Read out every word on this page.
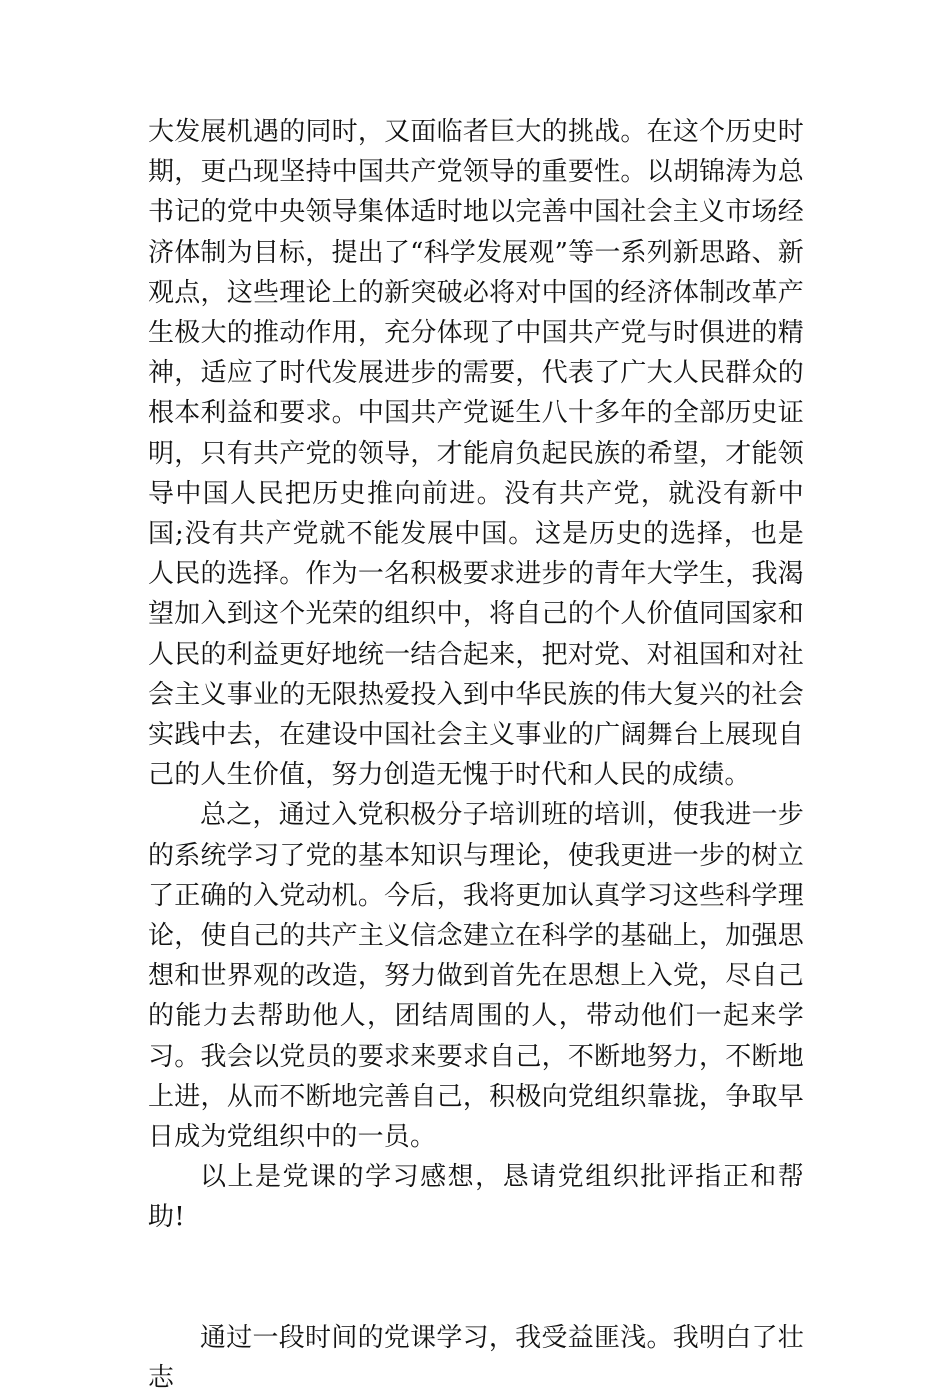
大发展机遇的同时，又面临者巨大的挑战。在这个历史时期，更凸现坚持中国共产党领导的重要性。以胡锦涛为总书记的党中央领导集体适时地以完善中国社会主义市场经济体制为目标，提出了“科学发展观”等一系列新思路、新观点，这些理论上的新突破必将对中国的经济体制改革产生极大的推动作用，充分体现了中国共产党与时俱进的精神，适应了时代发展进步的需要，代表了广大人民群众的根本利益和要求。中国共产党诞生八十多年的全部历史证明，只有共产党的领导，才能肩负起民族的希望，才能领导中国人民把历史推向前进。没有共产党，就没有新中国;没有共产党就不能发展中国。这是历史的选择，也是人民的选择。作为一名积极要求进步的青年大学生，我渴望加入到这个光荣的组织中，将自己的个人价值同国家和人民的利益更好地统一结合起来，把对党、对祖国和对社会主义事业的无限热爱投入到中华民族的伟大复兴的社会实践中去，在建设中国社会主义事业的广阔舞台上展现自己的人生价值，努力创造无愧于时代和人民的成绩。

总之，通过入党积极分子培训班的培训，使我进一步的系统学习了党的基本知识与理论，使我更进一步的树立了正确的入党动机。今后，我将更加认真学习这些科学理论，使自己的共产主义信念建立在科学的基础上，加强思想和世界观的改造，努力做到首先在思想上入党，尽自己的能力去帮助他人，团结周围的人，带动他们一起来学习。我会以党员的要求来要求自己，不断地努力，不断地上进，从而不断地完善自己，积极向党组织靠拢，争取早日成为党组织中的一员。

以上是党课的学习感想，恳请党组织批评指正和帮助!

通过一段时间的党课学习，我受益匪浅。我明白了壮志
